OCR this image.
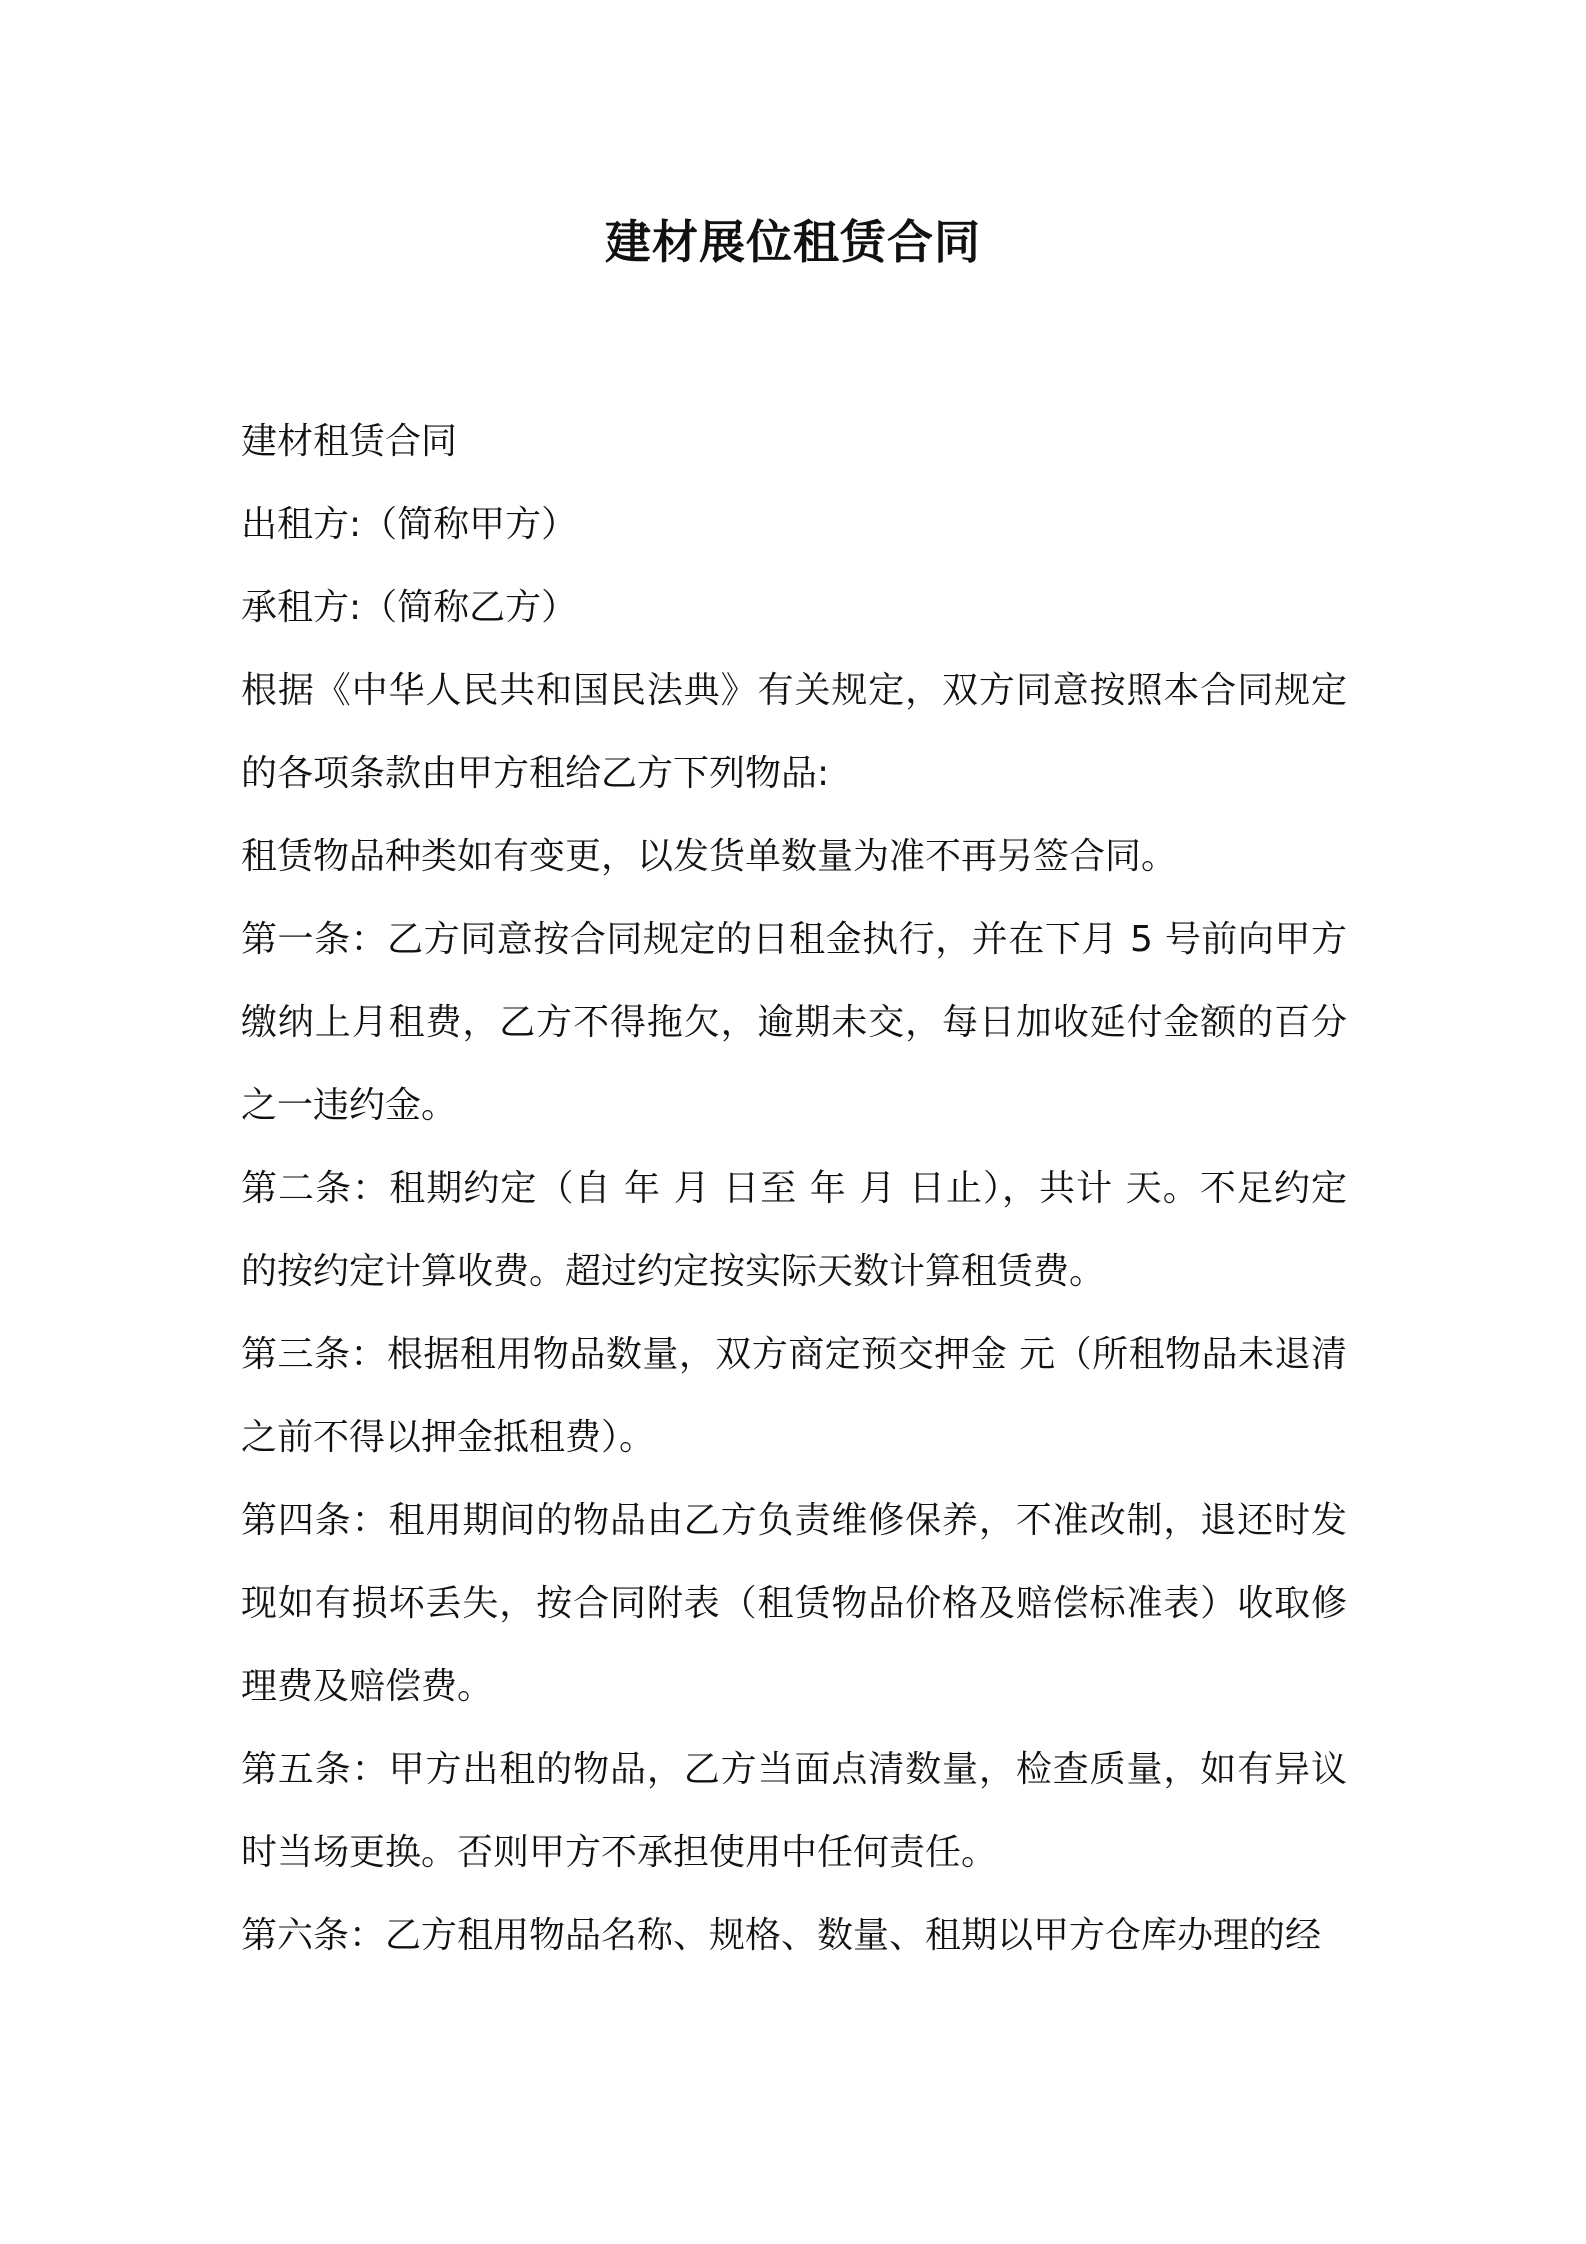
建材展位租赁合同

建材租赁合同

出租方:（简称甲方）

承租方:（简称乙方）

根据《中华人民共和国民法典》有关规定，双方同意按照本合同规定的各项条款由甲方租给乙方下列物品:

租赁物品种类如有变更，以发货单数量为准不再另签合同。

第一条：乙方同意按合同规定的日租金执行，并在下月 5 号前向甲方缴纳上月租费，乙方不得拖欠，逾期未交，每日加收延付金额的百分之一违约金。

第二条：租期约定（自 年 月 日至 年 月 日止），共计 天。不足约定的按约定计算收费。超过约定按实际天数计算租赁费。

第三条：根据租用物品数量，双方商定预交押金 元（所租物品未退清之前不得以押金抵租费）。

第四条：租用期间的物品由乙方负责维修保养，不准改制，退还时发现如有损坏丢失，按合同附表（租赁物品价格及赔偿标准表）收取修理费及赔偿费。

第五条：甲方出租的物品，乙方当面点清数量，检查质量，如有异议时当场更换。否则甲方不承担使用中任何责任。

第六条：乙方租用物品名称、规格、数量、租期以甲方仓库办理的经
